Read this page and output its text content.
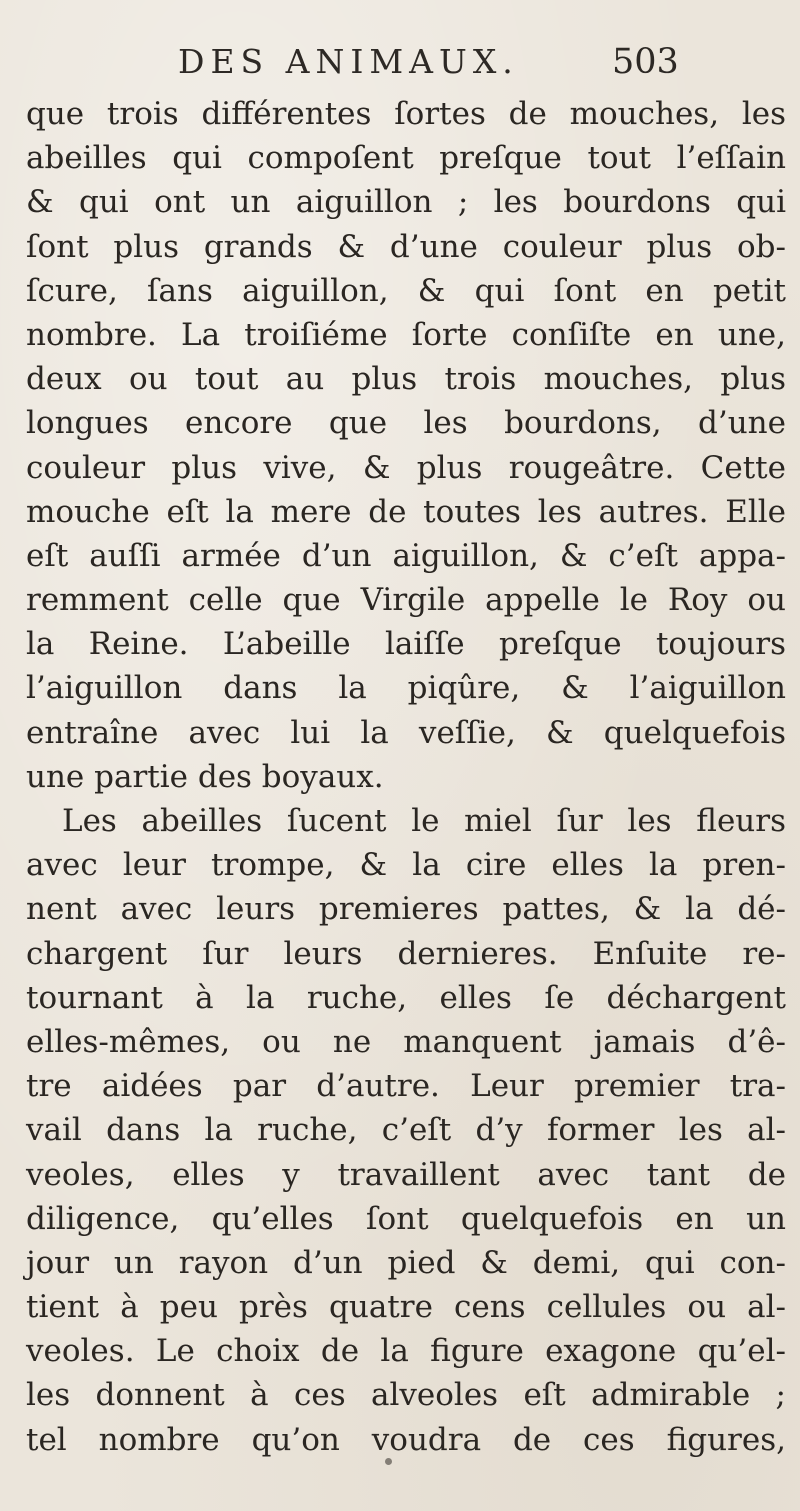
DES ANIMAUX.	503
que trois différentes ſortes de mouches, les
abeilles qui compoſent preſque tout l’eſſain
& qui ont un aiguillon ; les bourdons qui
ſont plus grands & d’une couleur plus ob-
ſcure, ſans aiguillon, & qui ſont en petit
nombre. La troiſiéme ſorte conſiſte en une,
deux ou tout au plus trois mouches, plus
longues encore que les bourdons, d’une
couleur plus vive, & plus rougeâtre. Cette
mouche eſt la mere de toutes les autres. Elle
eſt auſſi armée d’un aiguillon, & c’eſt appa-
remment celle que Virgile appelle le Roy ou
la Reine. L’abeille laiſſe preſque toujours
l’aiguillon dans la piqûre, & l’aiguillon
entraîne avec lui la veſſie, & quelquefois
une partie des boyaux.
Les abeilles ſucent le miel ſur les fleurs
avec leur trompe, & la cire elles la pren-
nent avec leurs premieres pattes, & la dé-
chargent ſur leurs dernieres. Enſuite re-
tournant à la ruche, elles ſe déchargent
elles-mêmes, ou ne manquent jamais d’ê-
tre aidées par d’autre. Leur premier tra-
vail dans la ruche, c’eſt d’y former les al-
veoles, elles y travaillent avec tant de
diligence, qu’elles ſont quelquefois en un
jour un rayon d’un pied & demi, qui con-
tient à peu près quatre cens cellules ou al-
veoles. Le choix de la figure exagone qu’el-
les donnent à ces alveoles eſt admirable ;
tel nombre qu’on voudra de ces figures,
